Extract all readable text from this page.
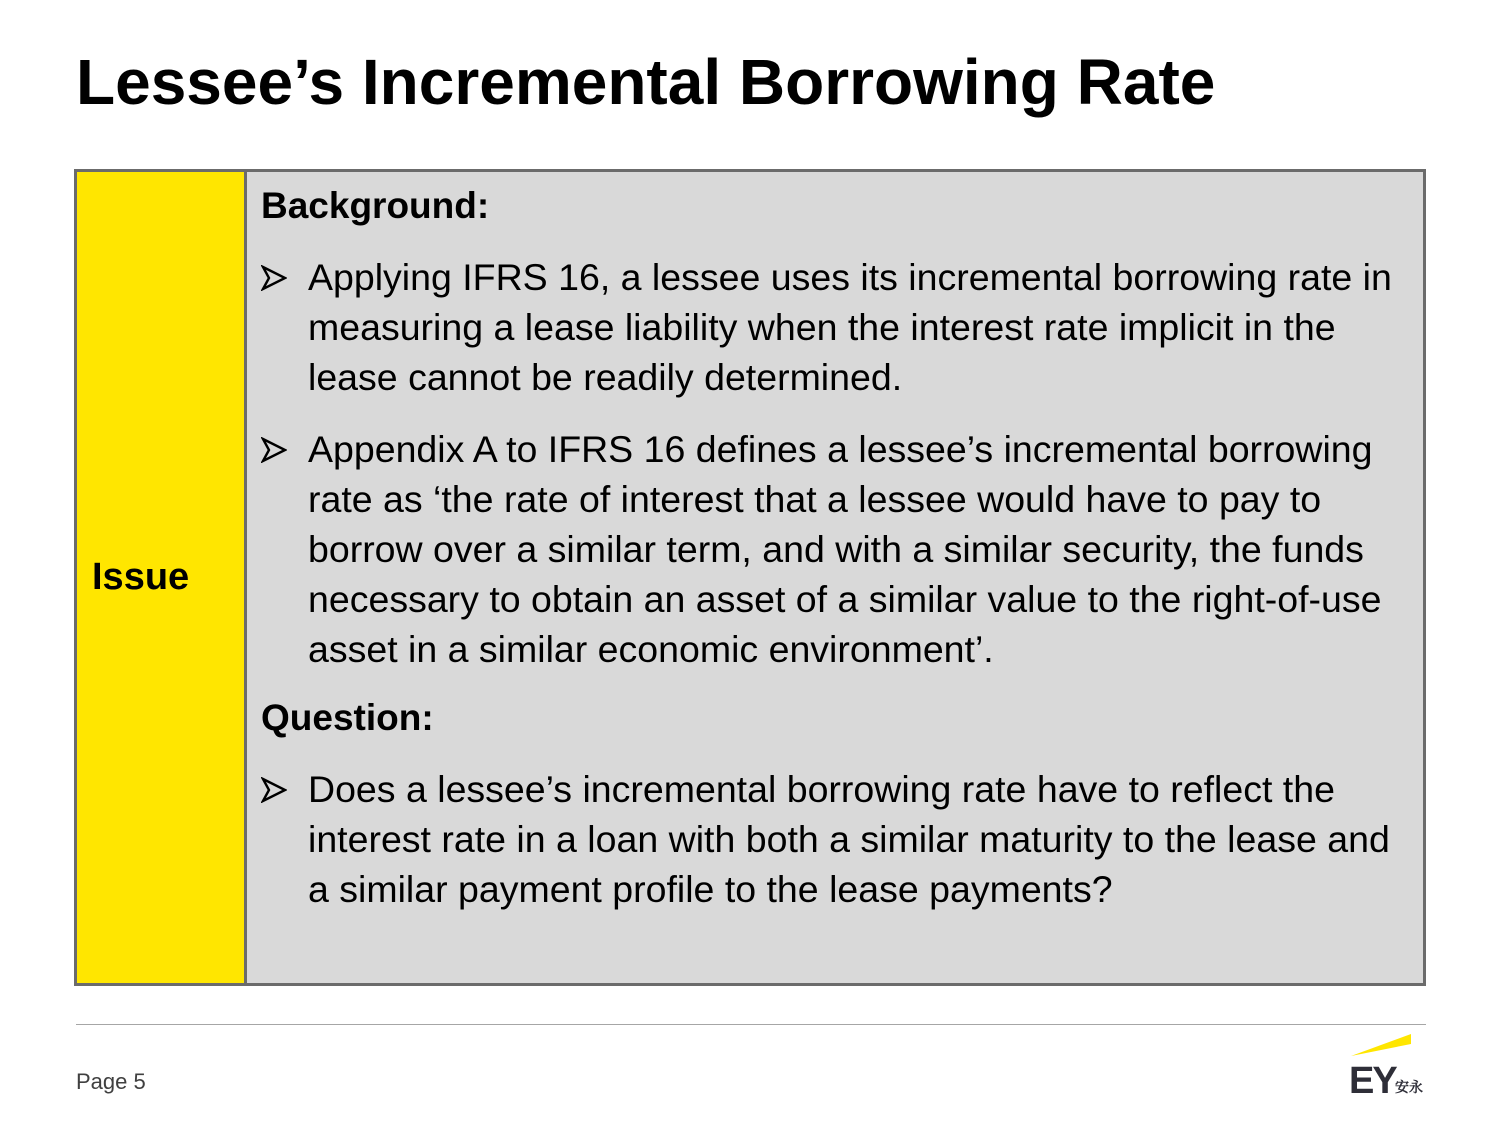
Lessee’s Incremental Borrowing Rate
Issue
Background:
Applying IFRS 16, a lessee uses its incremental borrowing rate in measuring a lease liability when the interest rate implicit in the lease cannot be readily determined.
Appendix A to IFRS 16 defines a lessee’s incremental borrowing rate as ‘the rate of interest that a lessee would have to pay to borrow over a similar term, and with a similar security, the funds necessary to obtain an asset of a similar value to the right-of-use asset in a similar economic environment’.
Question:
Does a lessee’s incremental borrowing rate have to reflect the interest rate in a loan with both a similar maturity to the lease and a similar payment profile to the lease payments?
Page 5	EY 安永
